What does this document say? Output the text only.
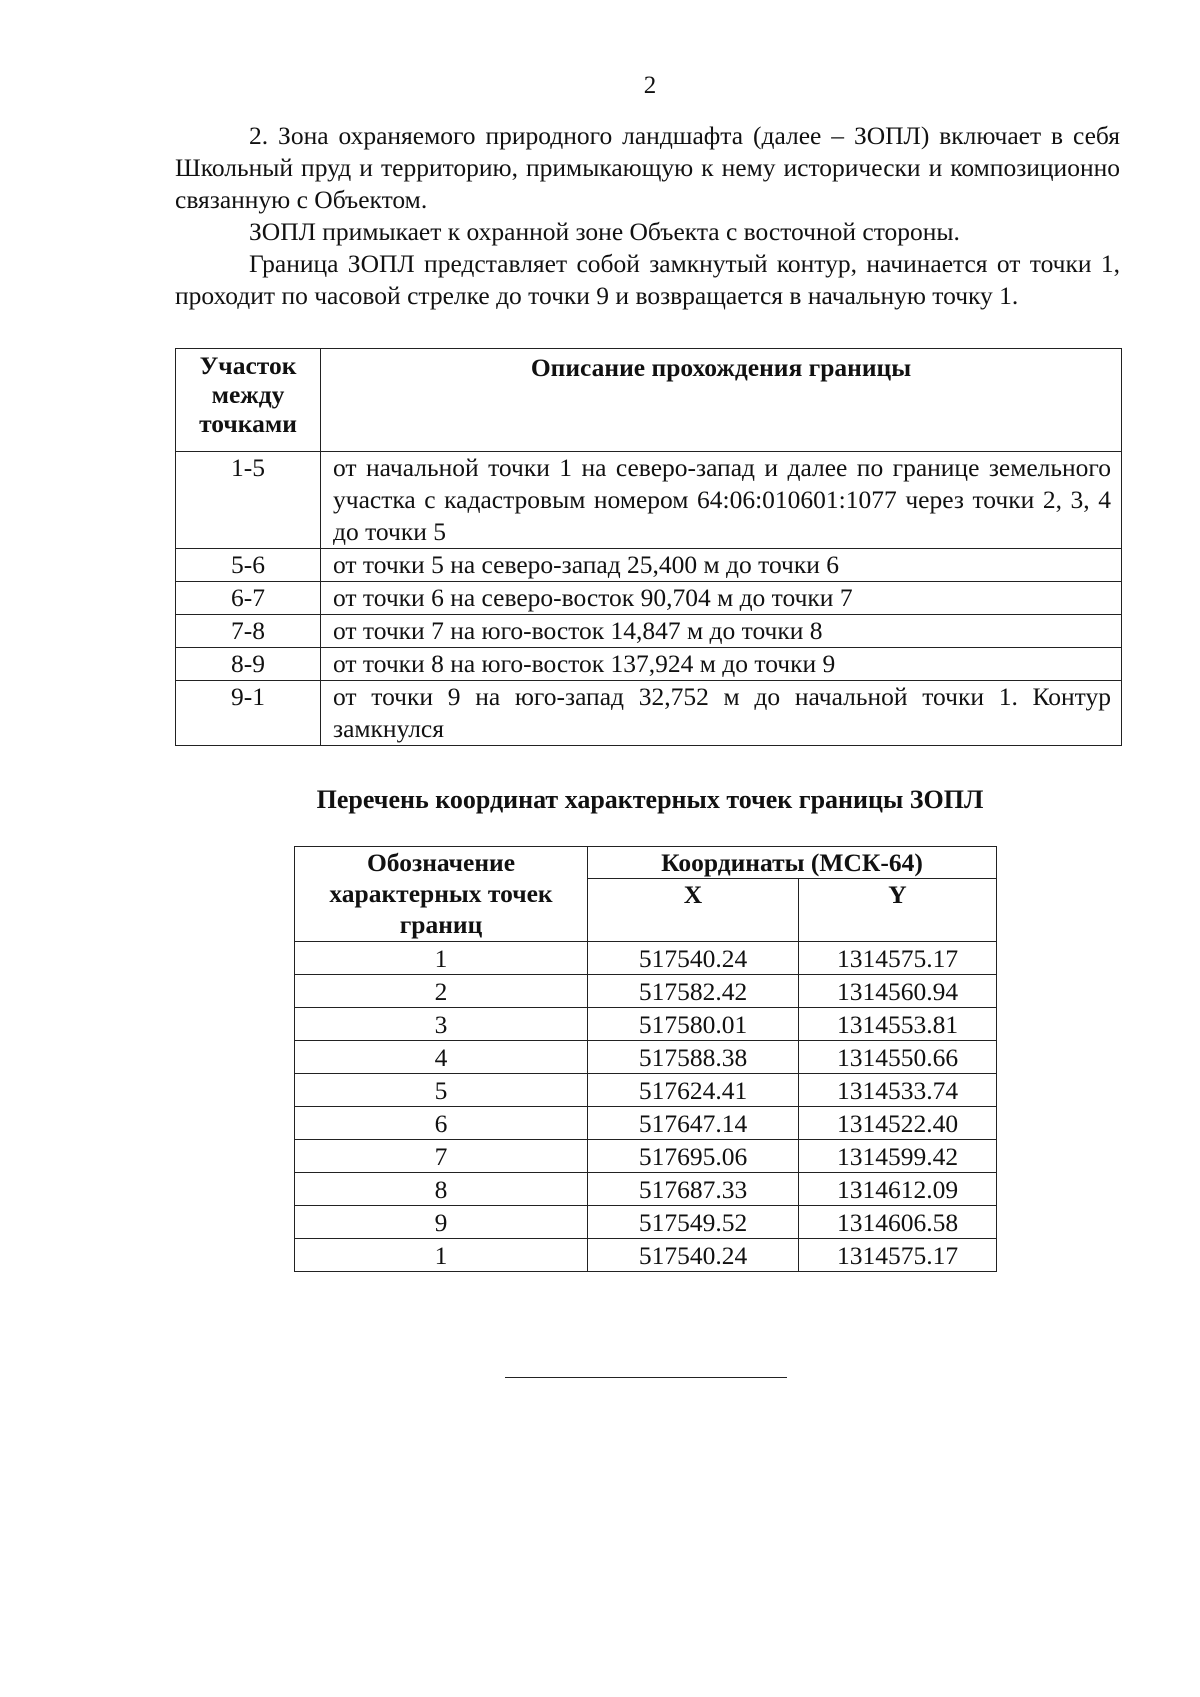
2

2. Зона охраняемого природного ландшафта (далее – ЗОПЛ) включает в себя Школьный пруд и территорию, примыкающую к нему исторически и композиционно связанную с Объектом.

ЗОПЛ примыкает к охранной зоне Объекта с восточной стороны.

Граница ЗОПЛ представляет собой замкнутый контур, начинается от точки 1, проходит по часовой стрелке до точки 9 и возвращается в начальную точку 1.

Участок между точками	Описание прохождения границы
1-5	от начальной точки 1 на северо-запад и далее по границе земельного участка с кадастровым номером 64:06:010601:1077 через точки 2, 3, 4 до точки 5
5-6	от точки 5 на северо-запад 25,400 м до точки 6
6-7	от точки 6 на северо-восток 90,704 м до точки 7
7-8	от точки 7 на юго-восток 14,847 м до точки 8
8-9	от точки 8 на юго-восток 137,924 м до точки 9
9-1	от точки 9 на юго-запад 32,752 м до начальной точки 1. Контур замкнулся
Перечень координат характерных точек границы ЗОПЛ
Обозначение характерных точек границ	Координаты (МСК-64)	
	X	Y
1	517540.24	1314575.17
2	517582.42	1314560.94
3	517580.01	1314553.81
4	517588.38	1314550.66
5	517624.41	1314533.74
6	517647.14	1314522.40
7	517695.06	1314599.42
8	517687.33	1314612.09
9	517549.52	1314606.58
1	517540.24	1314575.17
